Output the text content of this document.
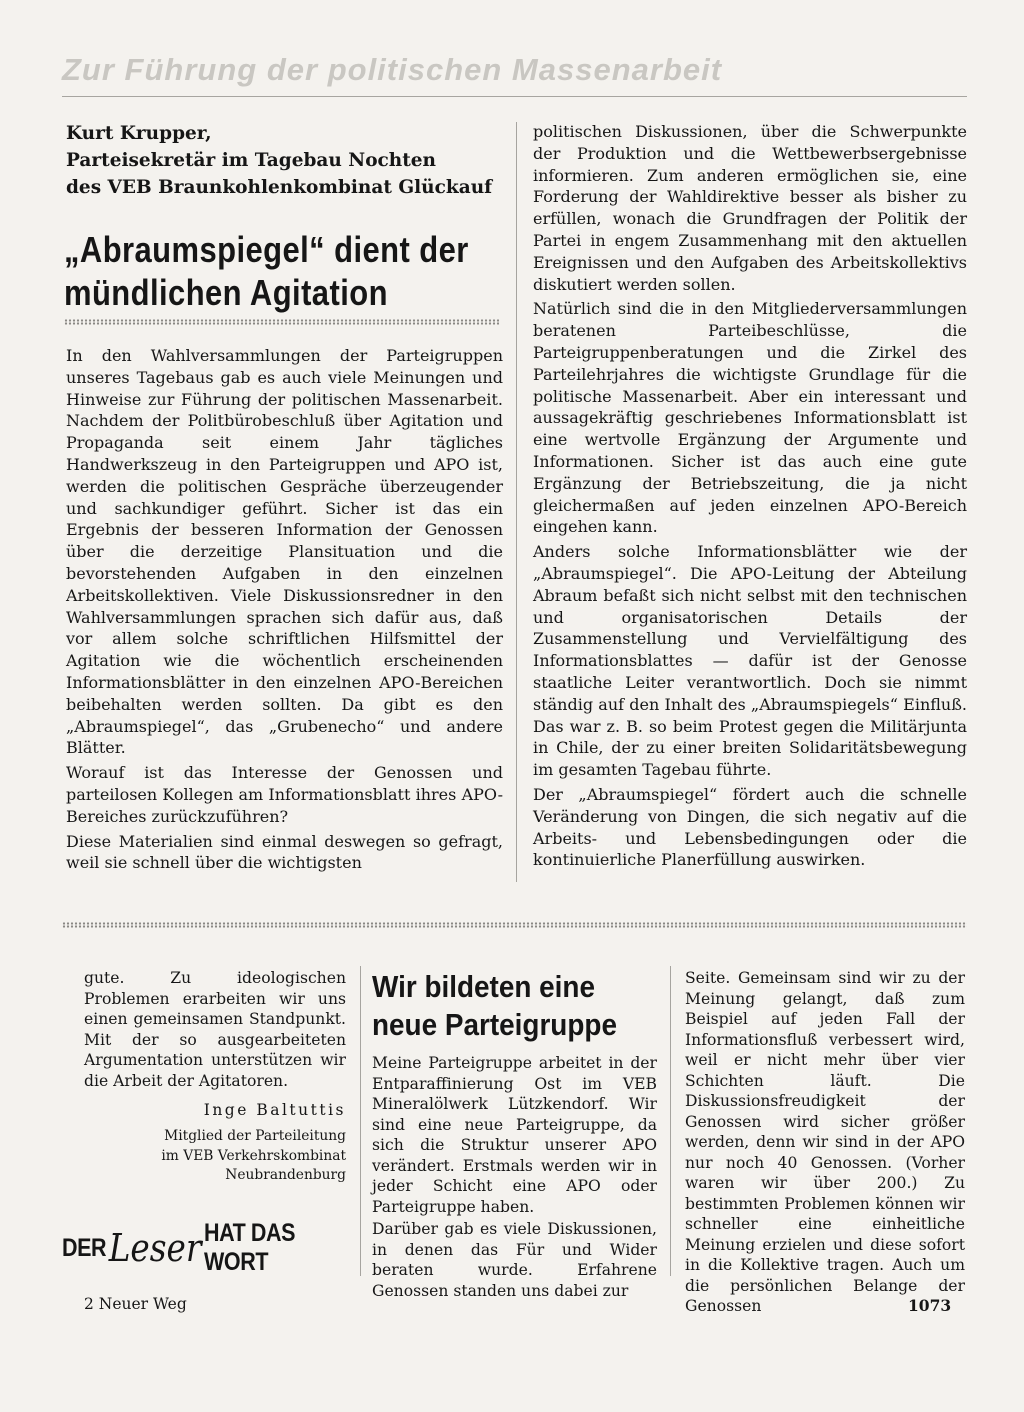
Zur Führung der politischen Massenarbeit
Kurt Krupper,
Parteisekretär im Tagebau Nochten
des VEB Braunkohlenkombinat Glückauf
„Abraumspiegel“ dient der
mündlichen Agitation

In den Wahlversammlungen der Parteigruppen unseres Tagebaus gab es auch viele Meinungen und Hinweise zur Führung der politischen Massenarbeit. Nachdem der Politbürobeschluß über Agitation und Propaganda seit einem Jahr tägliches Handwerkszeug in den Parteigruppen und APO ist, werden die politischen Gespräche überzeugender und sachkundiger geführt. Sicher ist das ein Ergebnis der besseren Information der Genossen über die derzeitige Plansituation und die bevorstehenden Aufgaben in den einzelnen Arbeitskollektiven. Viele Diskussionsredner in den Wahlversammlungen sprachen sich dafür aus, daß vor allem solche schriftlichen Hilfsmittel der Agitation wie die wöchentlich erscheinenden Informationsblätter in den einzelnen APO-Bereichen beibehalten werden sollten. Da gibt es den „Abraumspiegel“, das „Grubenecho“ und andere Blätter.

Worauf ist das Interesse der Genossen und parteilosen Kollegen am Informationsblatt ihres APO-Bereiches zurückzuführen?

Diese Materialien sind einmal deswegen so gefragt, weil sie schnell über die wichtigsten

politischen Diskussionen, über die Schwerpunkte der Produktion und die Wettbewerbsergebnisse informieren. Zum anderen ermöglichen sie, eine Forderung der Wahldirektive besser als bisher zu erfüllen, wonach die Grundfragen der Politik der Partei in engem Zusammenhang mit den aktuellen Ereignissen und den Aufgaben des Arbeitskollektivs diskutiert werden sollen.

Natürlich sind die in den Mitgliederversammlungen beratenen Parteibeschlüsse, die Parteigruppenberatungen und die Zirkel des Parteilehrjahres die wichtigste Grundlage für die politische Massenarbeit. Aber ein interessant und aussagekräftig geschriebenes Informationsblatt ist eine wertvolle Ergänzung der Argumente und Informationen. Sicher ist das auch eine gute Ergänzung der Betriebszeitung, die ja nicht gleichermaßen auf jeden einzelnen APO-Bereich eingehen kann.

Anders solche Informationsblätter wie der „Abraumspiegel“. Die APO-Leitung der Abteilung Abraum befaßt sich nicht selbst mit den technischen und organisatorischen Details der Zusammenstellung und Vervielfältigung des Informationsblattes — dafür ist der Genosse staatliche Leiter verantwortlich. Doch sie nimmt ständig auf den Inhalt des „Abraumspiegels“ Einfluß. Das war z. B. so beim Protest gegen die Militärjunta in Chile, der zu einer breiten Solidaritätsbewegung im gesamten Tagebau führte.

Der „Abraumspiegel“ fördert auch die schnelle Veränderung von Dingen, die sich negativ auf die Arbeits- und Lebensbedingungen oder die kontinuierliche Planerfüllung auswirken.

gute. Zu ideologischen Problemen erarbeiten wir uns einen gemeinsamen Standpunkt. Mit der so ausgearbeiteten Argumentation unterstützen wir die Arbeit der Agitatoren.

Inge Baltuttis
Mitglied der Parteileitung
im VEB Verkehrskombinat
Neubrandenburg
DER Leser HAT DAS WORT
Wir bildeten eine
neue Parteigruppe

Meine Parteigruppe arbeitet in der Entparaffinierung Ost im VEB Mineralölwerk Lützkendorf. Wir sind eine neue Parteigruppe, da sich die Struktur unserer APO verändert. Erstmals werden wir in jeder Schicht eine APO oder Parteigruppe haben.

Darüber gab es viele Diskussionen, in denen das Für und Wider beraten wurde. Erfahrene Genossen standen uns dabei zur

Seite. Gemeinsam sind wir zu der Meinung gelangt, daß zum Beispiel auf jeden Fall der Informationsfluß verbessert wird, weil er nicht mehr über vier Schichten läuft. Die Diskussionsfreudigkeit der Genossen wird sicher größer werden, denn wir sind in der APO nur noch 40 Genossen. (Vorher waren wir über 200.) Zu bestimmten Problemen können wir schneller eine einheitliche Meinung erzielen und diese sofort in die Kollektive tragen. Auch um die persönlichen Belange der Genossen

2 Neuer Weg	1073
